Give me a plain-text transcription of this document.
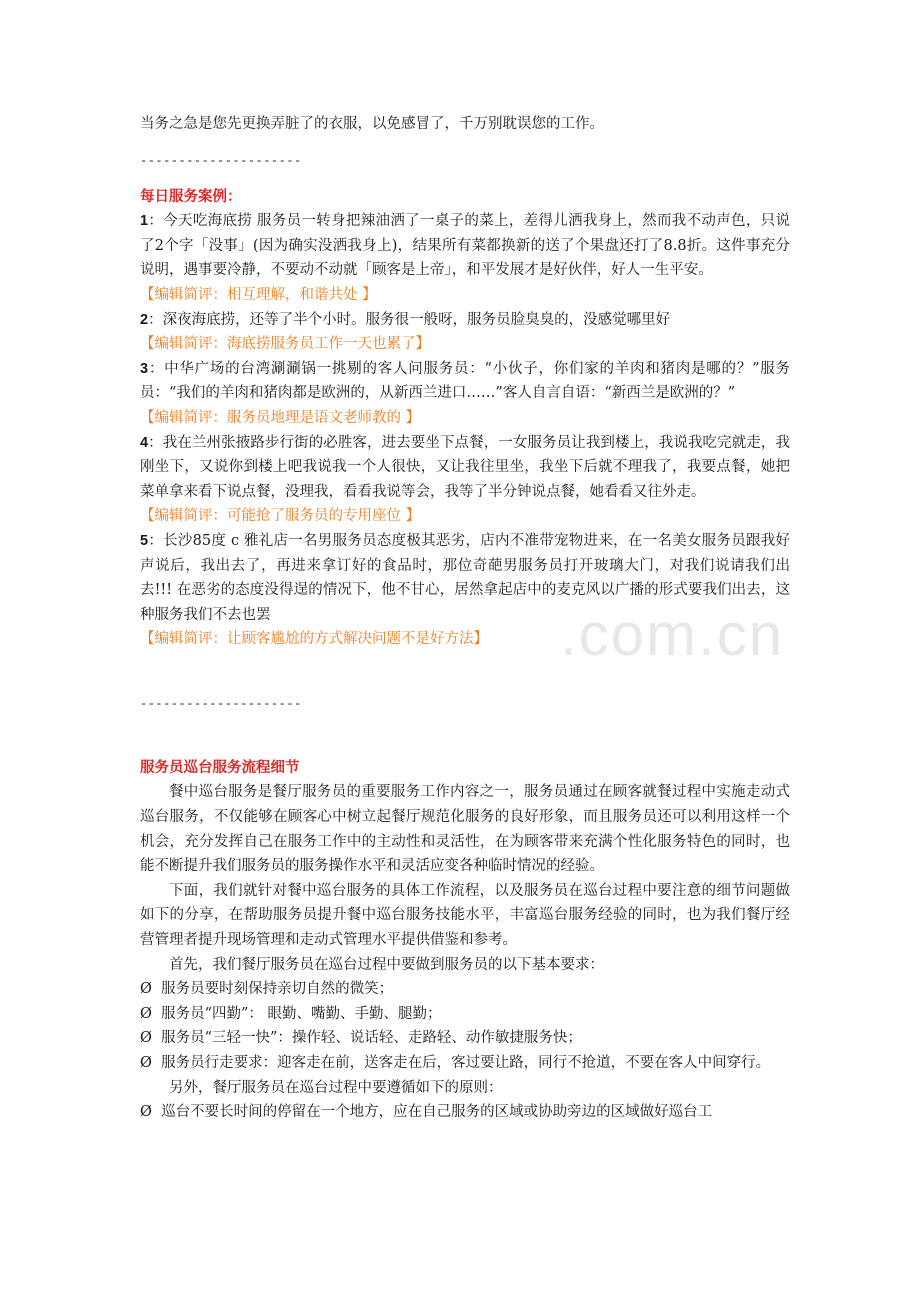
.com.cn

当务之急是您先更换弄脏了的衣服，以免感冒了，千万别耽误您的工作。

---------------------

每日服务案例：

1：今天吃海底捞 服务员一转身把辣油洒了一桌子的菜上，差得儿洒我身上，然而我不动声色，只说了2个字「没事」(因为确实没洒我身上)，结果所有菜都换新的送了个果盘还打了8.8折。这件事充分说明，遇事要冷静，不要动不动就「顾客是上帝」，和平发展才是好伙伴，好人一生平安。

【编辑简评：相互理解，和谐共处 】

2：深夜海底捞，还等了半个小时。服务很一般呀，服务员脸臭臭的，没感觉哪里好

【编辑简评：海底捞服务员工作一天也累了】

3：中华广场的台湾涮涮锅一挑剔的客人问服务员：“小伙子，你们家的羊肉和猪肉是哪的？”服务员：“我们的羊肉和猪肉都是欧洲的，从新西兰进口……”客人自言自语：“新西兰是欧洲的？”

【编辑简评：服务员地理是语文老师教的 】

4：我在兰州张掖路步行街的必胜客，进去要坐下点餐，一女服务员让我到楼上，我说我吃完就走，我刚坐下，又说你到楼上吧我说我一个人很快，又让我往里坐，我坐下后就不理我了，我要点餐，她把菜单拿来看下说点餐，没理我，看看我说等会，我等了半分钟说点餐，她看看又往外走。

【编辑简评：可能抢了服务员的专用座位 】

5：长沙85度 c 雅礼店一名男服务员态度极其恶劣，店内不准带宠物进来，在一名美女服务员跟我好声说后，我出去了，再进来拿订好的食品时，那位奇葩男服务员打开玻璃大门，对我们说请我们出去!!! 在恶劣的态度没得逞的情况下，他不甘心，居然拿起店中的麦克风以广播的形式要我们出去，这种服务我们不去也罢

【编辑简评：让顾客尴尬的方式解决问题不是好方法】

---------------------

服务员巡台服务流程细节

餐中巡台服务是餐厅服务员的重要服务工作内容之一，服务员通过在顾客就餐过程中实施走动式巡台服务，不仅能够在顾客心中树立起餐厅规范化服务的良好形象，而且服务员还可以利用这样一个机会，充分发挥自己在服务工作中的主动性和灵活性，在为顾客带来充满个性化服务特色的同时，也能不断提升我们服务员的服务操作水平和灵活应变各种临时情况的经验。

下面，我们就针对餐中巡台服务的具体工作流程，以及服务员在巡台过程中要注意的细节问题做如下的分享，在帮助服务员提升餐中巡台服务技能水平，丰富巡台服务经验的同时，也为我们餐厅经营管理者提升现场管理和走动式管理水平提供借鉴和参考。

首先，我们餐厅服务员在巡台过程中要做到服务员的以下基本要求：

Ø 服务员要时刻保持亲切自然的微笑；

Ø 服务员“四勤”： 眼勤、嘴勤、手勤、腿勤；

Ø 服务员“三轻一快”：操作轻、说话轻、走路轻、动作敏捷服务快；

Ø 服务员行走要求：迎客走在前，送客走在后，客过要让路，同行不抢道，不要在客人中间穿行。

另外，餐厅服务员在巡台过程中要遵循如下的原则：

Ø 巡台不要长时间的停留在一个地方，应在自己服务的区域或协助旁边的区域做好巡台工
